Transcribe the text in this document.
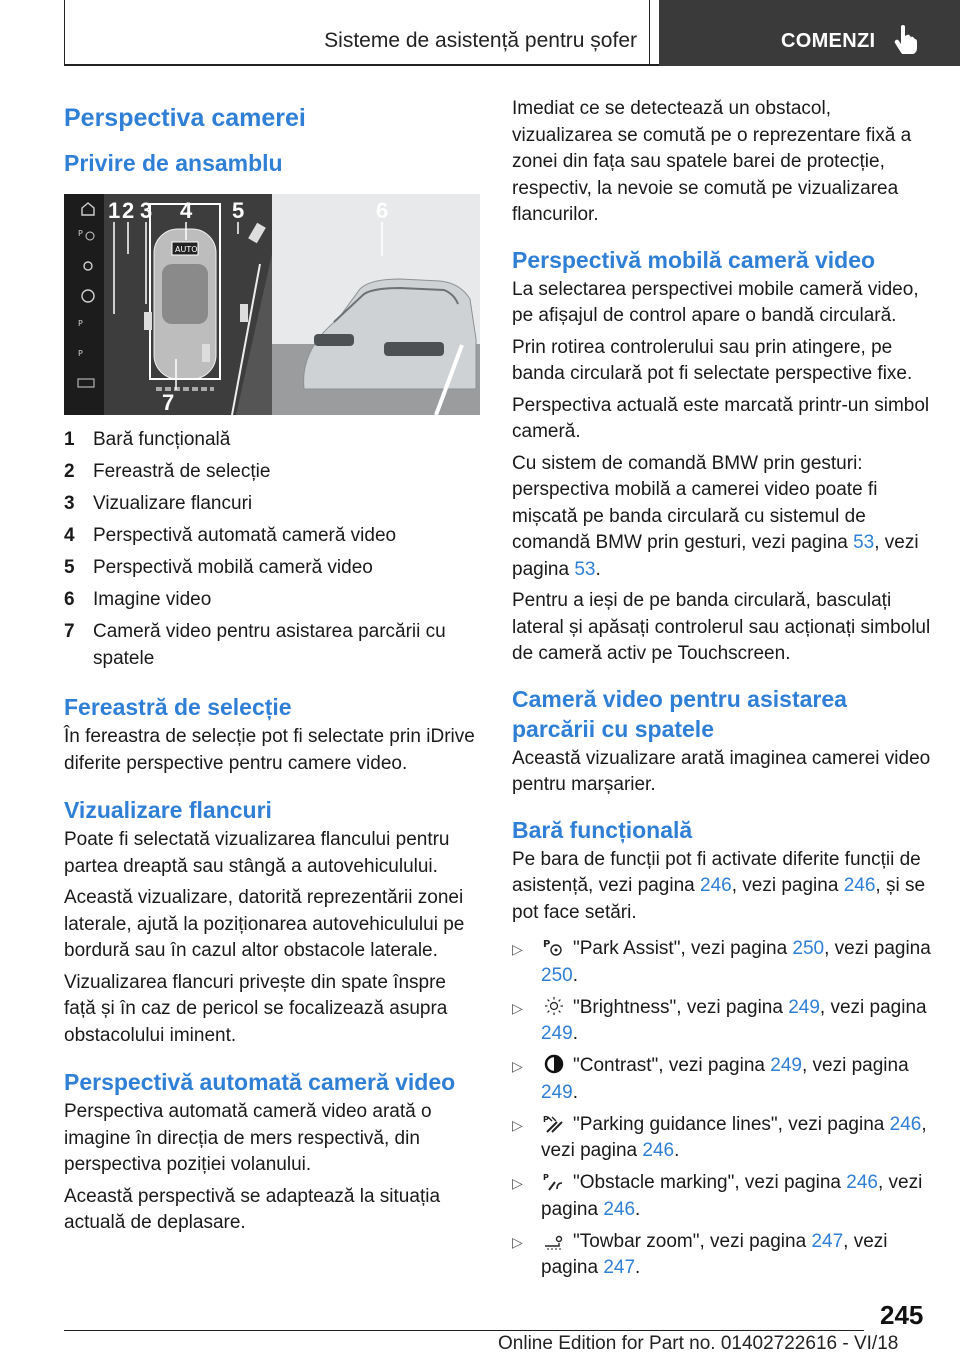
Sisteme de asistență pentru șofer	COMENZI
Perspectiva camerei
Privire de ansamblu
P
P
P
AUTO
1 2 3 4 5	6
7
1 Bară funcțională
2 Fereastră de selecție
3 Vizualizare flancuri
4 Perspectivă automată cameră video
5 Perspectivă mobilă cameră video
6 Imagine video
7 Cameră video pentru asistarea parcării cu spatele
Fereastră de selecție

În fereastra de selecție pot fi selectate prin iDrive diferite perspective pentru camere video.

Vizualizare flancuri

Poate fi selectată vizualizarea flancului pentru partea dreaptă sau stângă a autovehiculului.

Această vizualizare, datorită reprezentării zonei laterale, ajută la poziționarea autovehiculului pe bordură sau în cazul altor obstacole laterale.

Vizualizarea flancuri privește din spate înspre față și în caz de pericol se focalizează asupra obstacolului iminent.

Perspectivă automată cameră video

Perspectiva automată cameră video arată o imagine în direcția de mers respectivă, din perspectiva poziției volanului.

Această perspectivă se adaptează la situația actuală de deplasare.

Imediat ce se detectează un obstacol, vizualizarea se comută pe o reprezentare fixă a zonei din fața sau spatele barei de protecție, respectiv, la nevoie se comută pe vizualizarea flancurilor.

Perspectivă mobilă cameră video

La selectarea perspectivei mobile cameră video, pe afișajul de control apare o bandă circulară.

Prin rotirea controlerului sau prin atingere, pe banda circulară pot fi selectate perspective fixe.

Perspectiva actuală este marcată printr-un simbol cameră.

Cu sistem de comandă BMW prin gesturi: perspectiva mobilă a camerei video poate fi mișcată pe banda circulară cu sistemul de comandă BMW prin gesturi, vezi pagina 53, vezi pagina 53.

Pentru a ieși de pe banda circulară, basculați lateral și apăsați controlerul sau acționați simbolul de cameră activ pe Touchscreen.

Cameră video pentru asistarea parcării cu spatele

Această vizualizare arată imaginea camerei video pentru marșarier.

Bară funcțională

Pe bara de funcții pot fi activate diferite funcții de asistență, vezi pagina 246, vezi pagina 246, și se pot face setări.

▷ P "Park Assist", vezi pagina 250, vezi pagina 250.
▷	"Brightness", vezi pagina 249, vezi pagina 249.
▷	"Contrast", vezi pagina 249, vezi pagina 249.
▷	P "Parking guidance lines", vezi pagina 246, vezi pagina 246.
▷	P "Obstacle marking", vezi pagina 246, vezi pagina 246.
▷	"Towbar zoom", vezi pagina 247, vezi pagina 247.
245
Online Edition for Part no. 01402722616 - VI/18
